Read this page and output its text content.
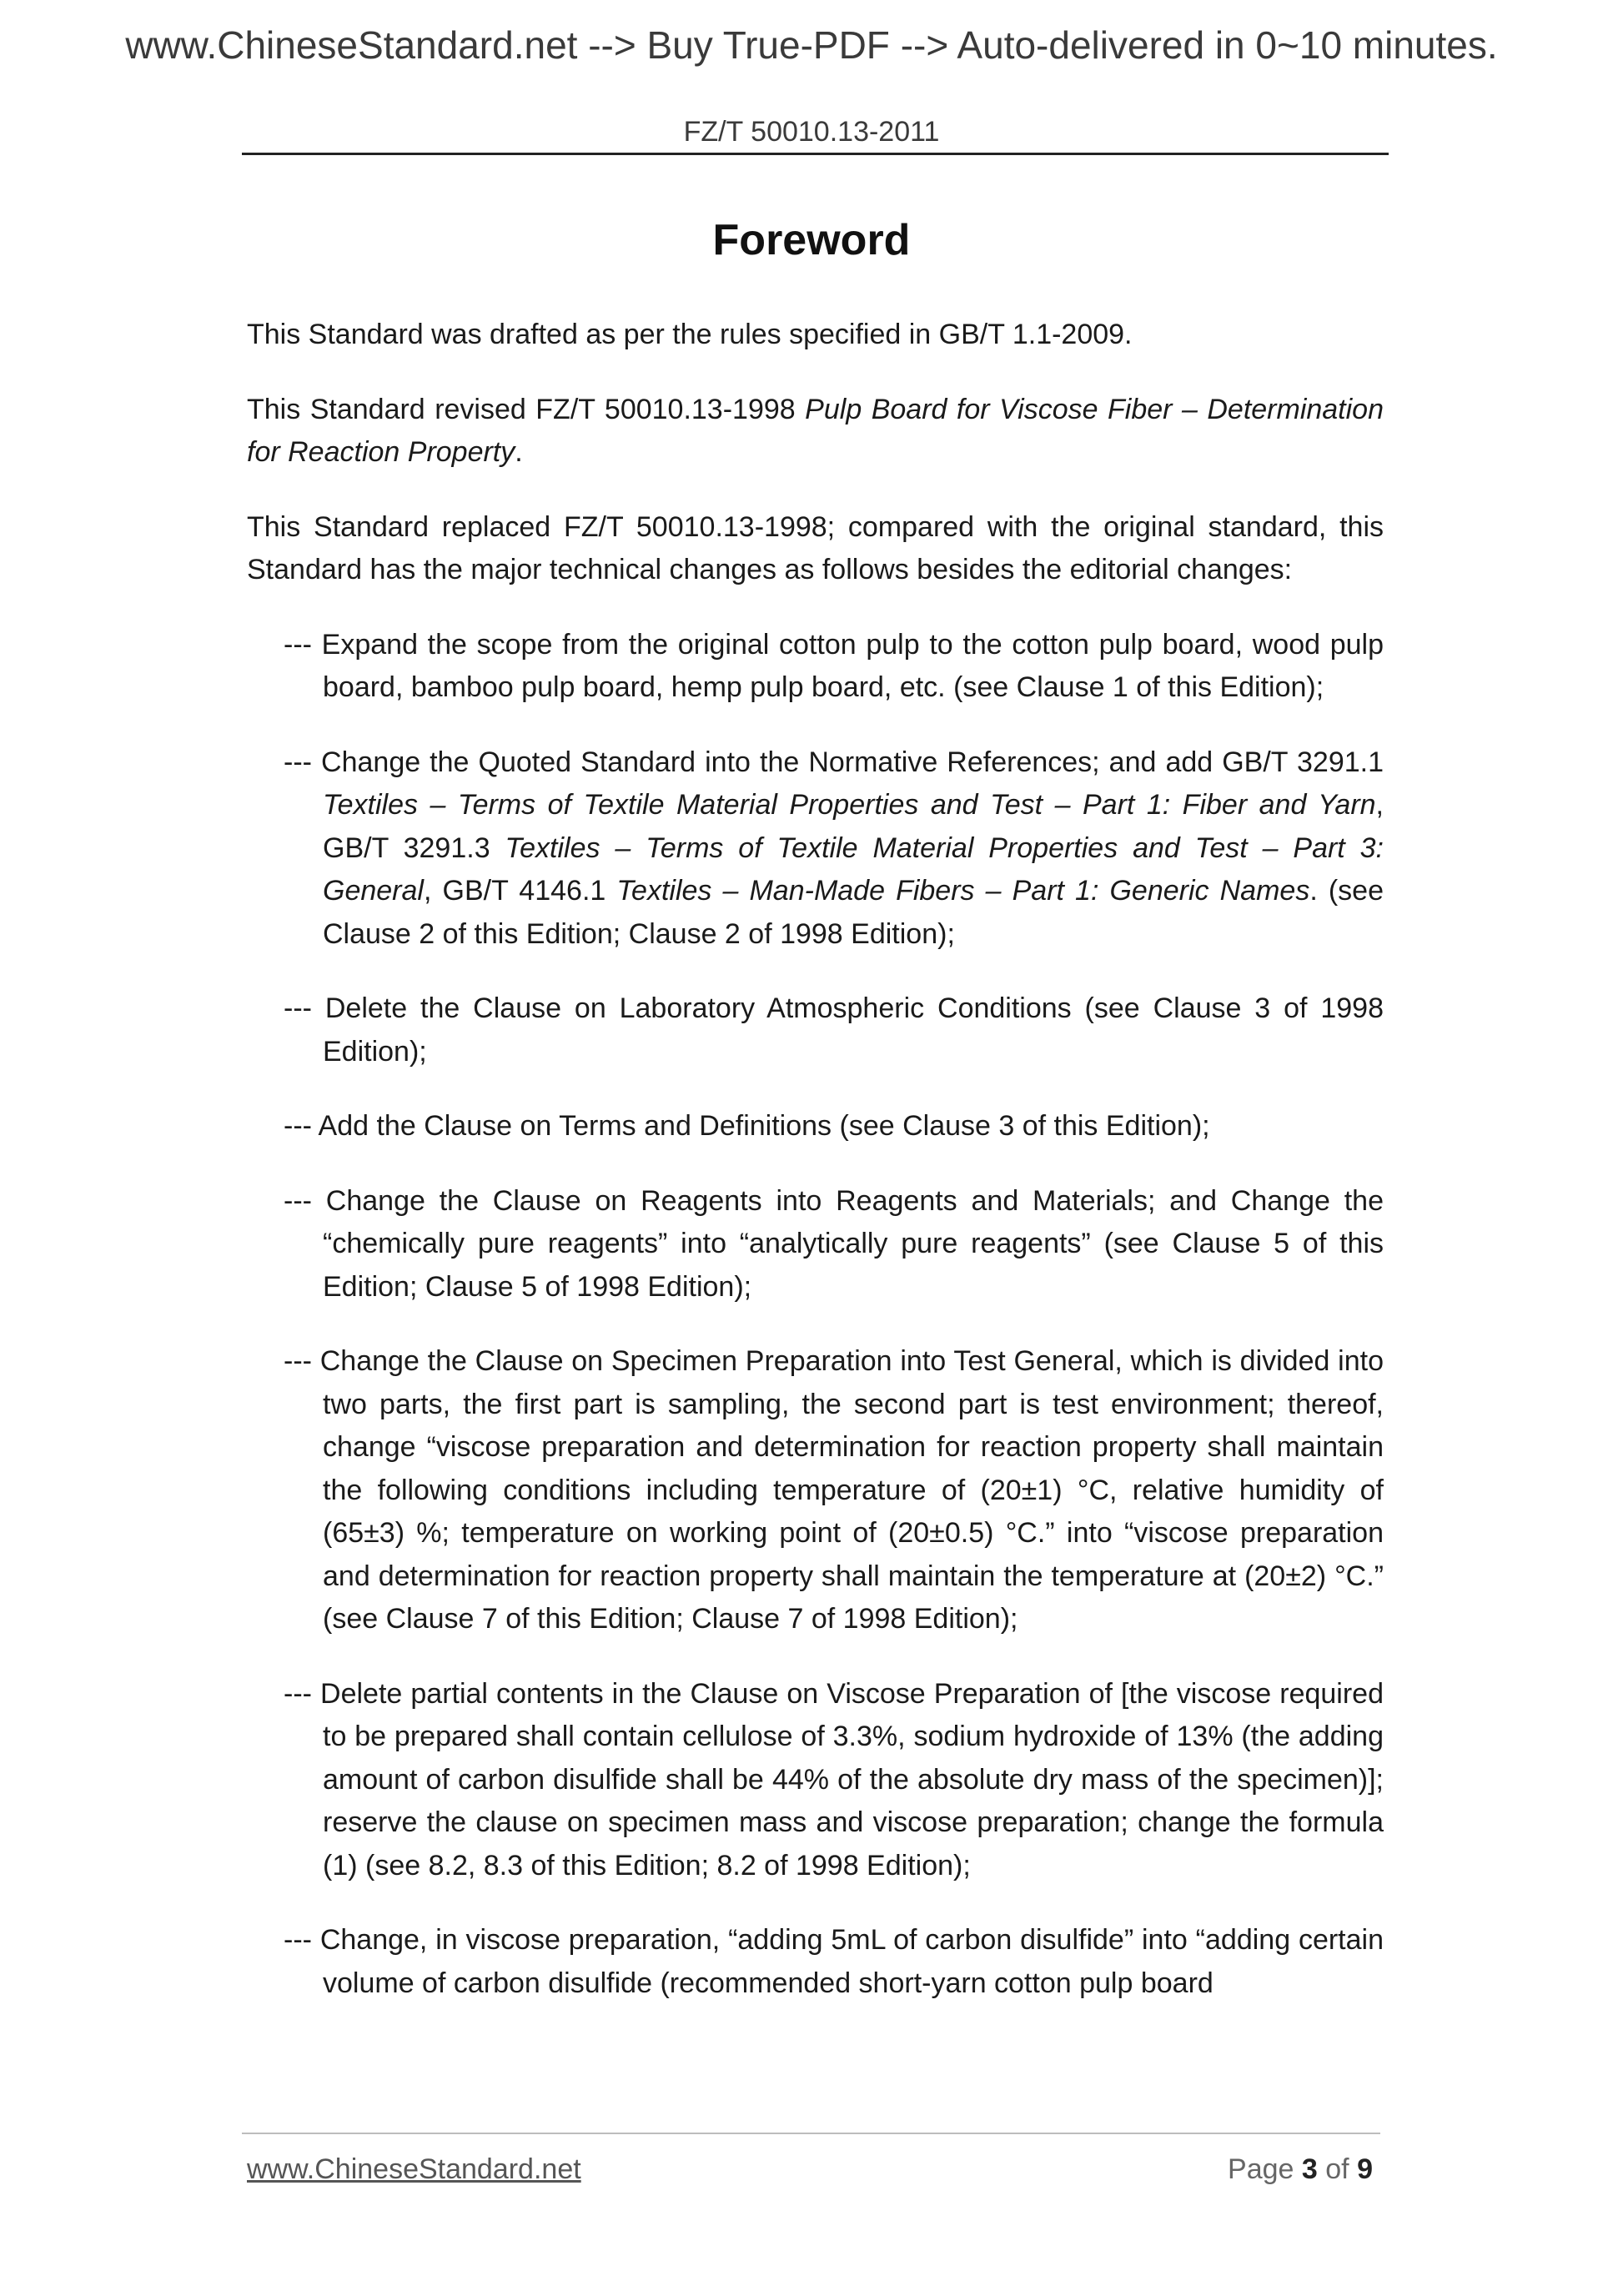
www.ChineseStandard.net --> Buy True-PDF --> Auto-delivered in 0~10 minutes.
FZ/T 50010.13-2011
Foreword

This Standard was drafted as per the rules specified in GB/T 1.1-2009.

This Standard revised FZ/T 50010.13-1998 Pulp Board for Viscose Fiber – Determination for Reaction Property.

This Standard replaced FZ/T 50010.13-1998; compared with the original standard, this Standard has the major technical changes as follows besides the editorial changes:

--- Expand the scope from the original cotton pulp to the cotton pulp board, wood pulp board, bamboo pulp board, hemp pulp board, etc. (see Clause 1 of this Edition);
--- Change the Quoted Standard into the Normative References; and add GB/T 3291.1 Textiles – Terms of Textile Material Properties and Test – Part 1: Fiber and Yarn, GB/T 3291.3 Textiles – Terms of Textile Material Properties and Test – Part 3: General, GB/T 4146.1 Textiles – Man-Made Fibers – Part 1: Generic Names. (see Clause 2 of this Edition; Clause 2 of 1998 Edition);
--- Delete the Clause on Laboratory Atmospheric Conditions (see Clause 3 of 1998 Edition);
--- Add the Clause on Terms and Definitions (see Clause 3 of this Edition);
--- Change the Clause on Reagents into Reagents and Materials; and Change the “chemically pure reagents” into “analytically pure reagents” (see Clause 5 of this Edition; Clause 5 of 1998 Edition);
--- Change the Clause on Specimen Preparation into Test General, which is divided into two parts, the first part is sampling, the second part is test environment; thereof, change “viscose preparation and determination for reaction property shall maintain the following conditions including temperature of (20±1) °C, relative humidity of (65±3) %; temperature on working point of (20±0.5) °C.” into “viscose preparation and determination for reaction property shall maintain the temperature at (20±2) °C.” (see Clause 7 of this Edition; Clause 7 of 1998 Edition);
--- Delete partial contents in the Clause on Viscose Preparation of [the viscose required to be prepared shall contain cellulose of 3.3%, sodium hydroxide of 13% (the adding amount of carbon disulfide shall be 44% of the absolute dry mass of the specimen)]; reserve the clause on specimen mass and viscose preparation; change the formula (1) (see 8.2, 8.3 of this Edition; 8.2 of 1998 Edition);
--- Change, in viscose preparation, “adding 5mL of carbon disulfide” into “adding certain volume of carbon disulfide (recommended short-yarn cotton pulp board
www.ChineseStandard.net	Page 3 of 9
